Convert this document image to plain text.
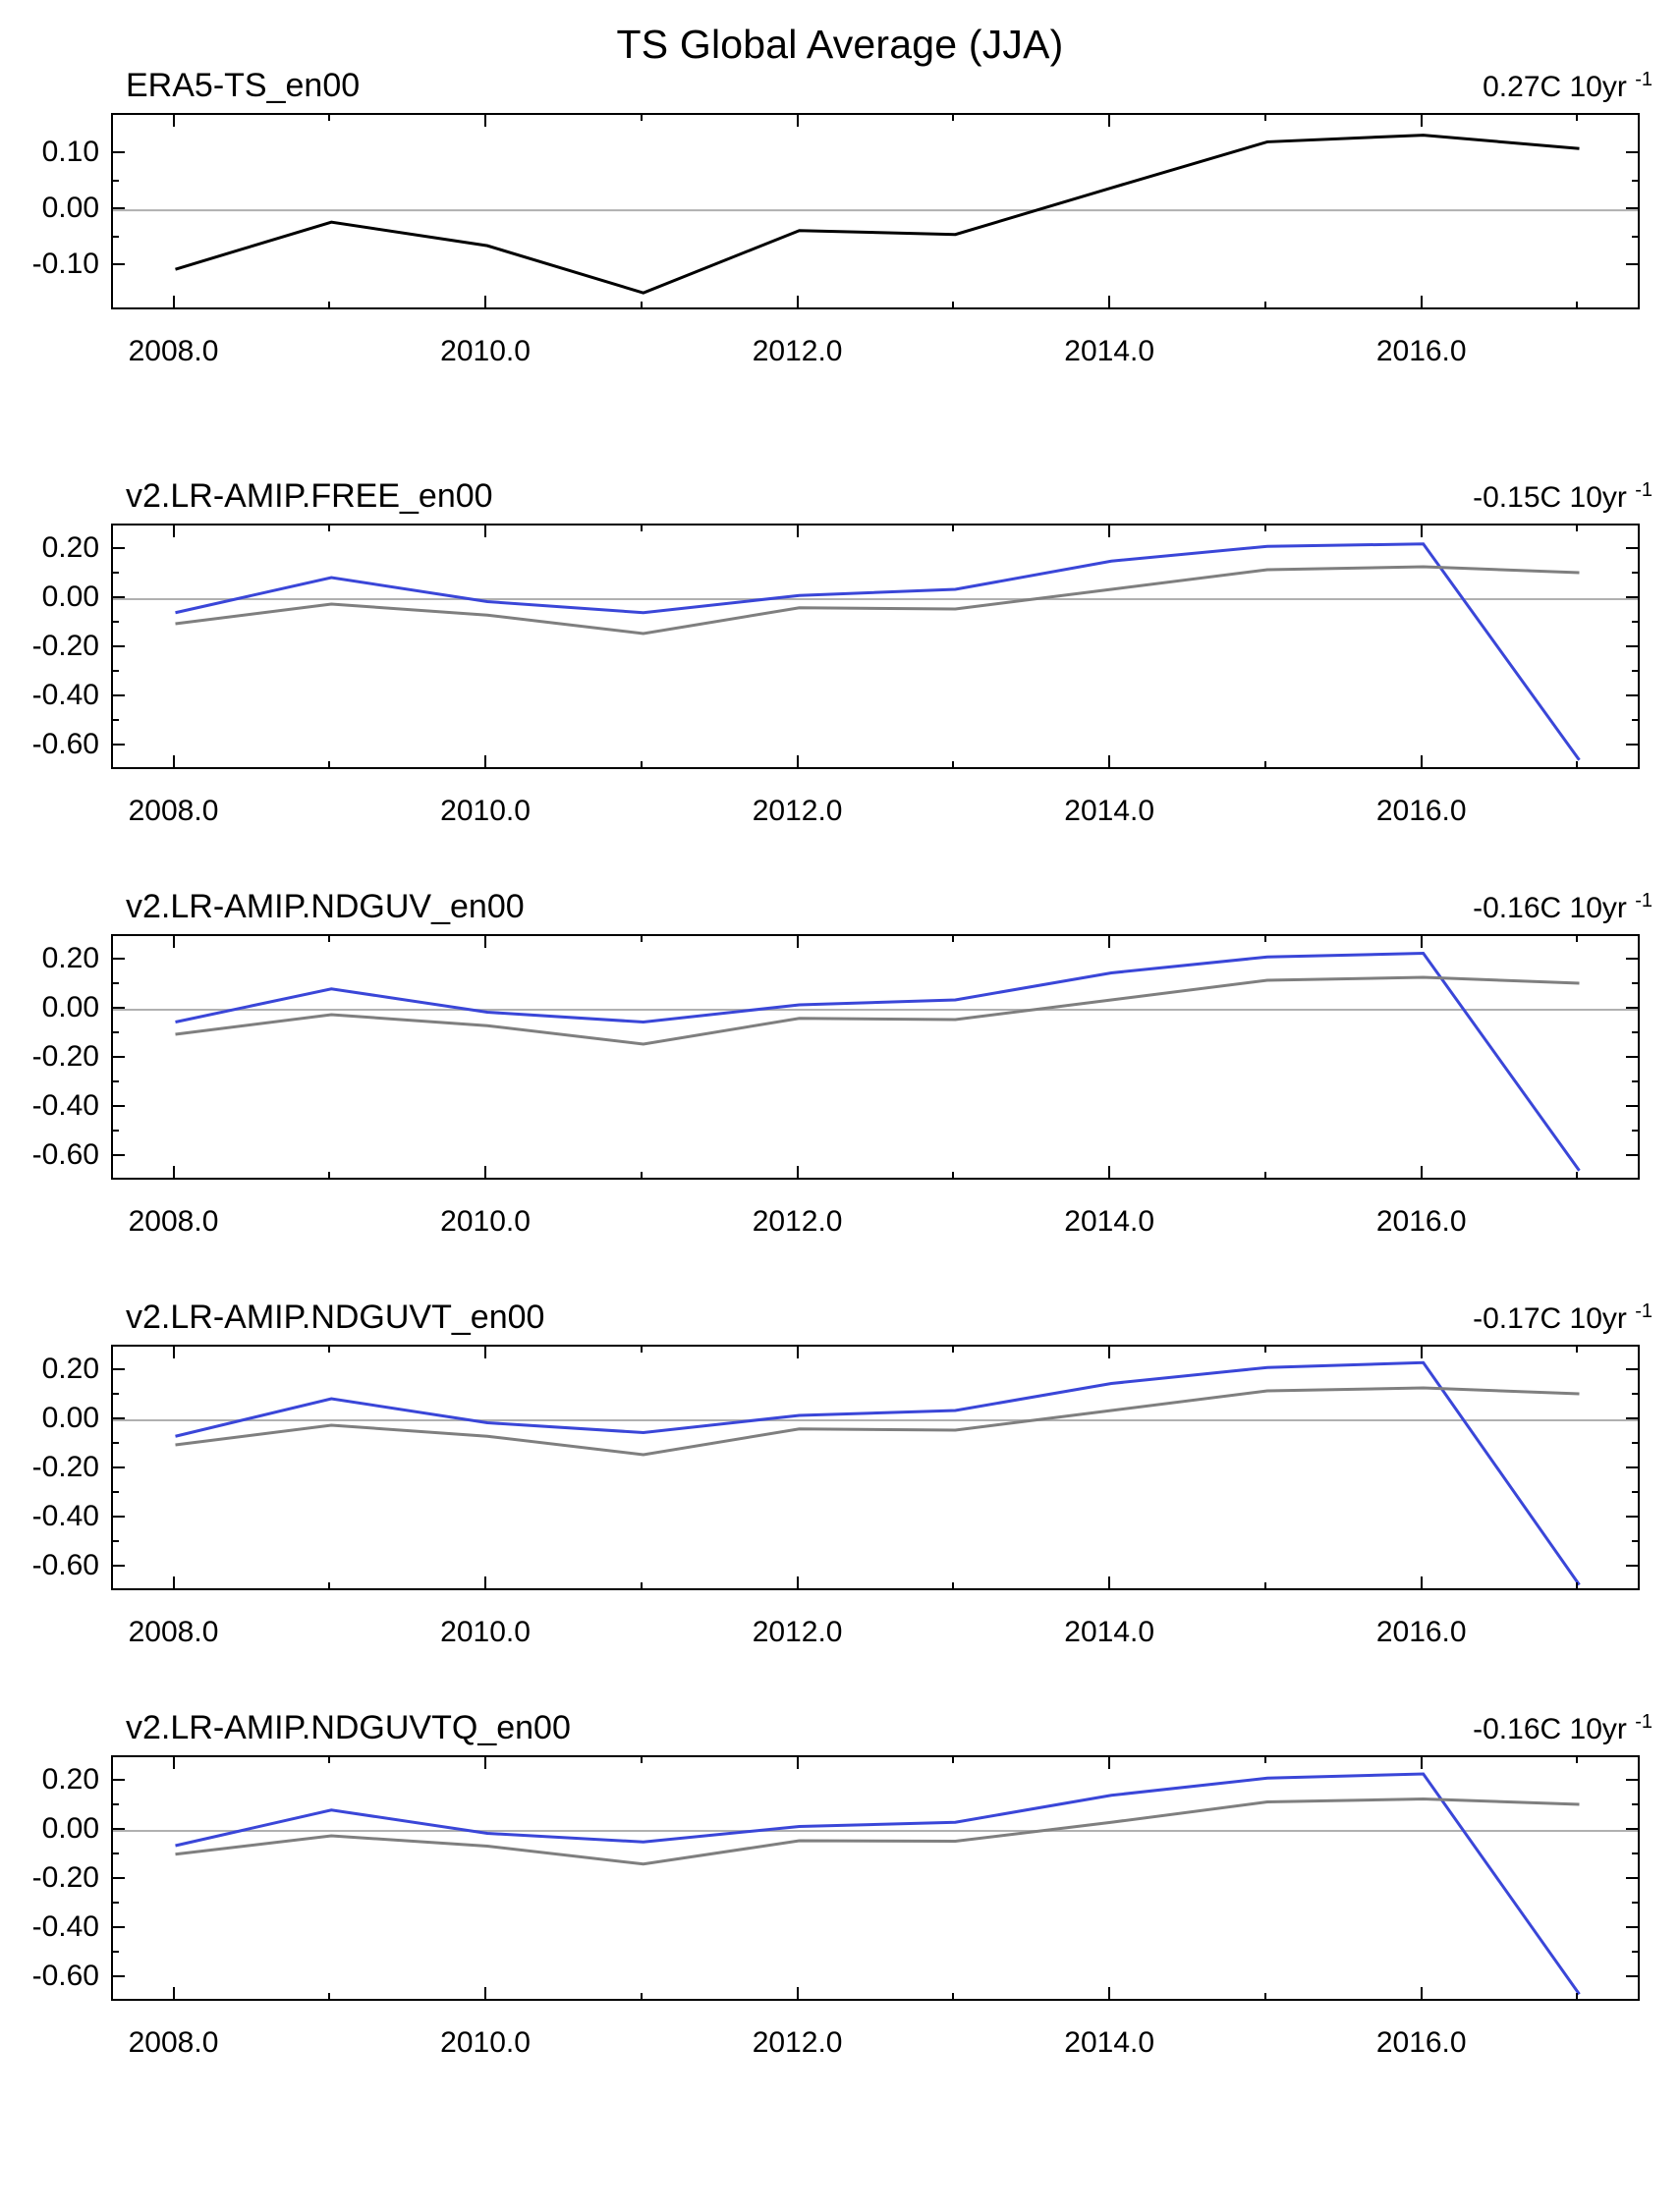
TS Global Average (JJA)
ERA5-TS_en00	0.27C 10yr $^{-1}$
-0.10
0.00
0.10
2008.0	2010.0	2012.0	2014.0	2016.0
v2.LR-AMIP.FREE_en00	-0.15C 10yr $^{-1}$
-0.60
-0.40
-0.20
0.00
0.20
2008.0	2010.0	2012.0	2014.0	2016.0
v2.LR-AMIP.NDGUV_en00	-0.16C 10yr $^{-1}$
-0.60
-0.40
-0.20
0.00
0.20
2008.0	2010.0	2012.0	2014.0	2016.0
v2.LR-AMIP.NDGUVT_en00	-0.17C 10yr $^{-1}$
-0.60
-0.40
-0.20
0.00
0.20
2008.0	2010.0	2012.0	2014.0	2016.0
v2.LR-AMIP.NDGUVTQ_en00	-0.16C 10yr $^{-1}$
-0.60
-0.40
-0.20
0.00
0.20
2008.0	2010.0	2012.0	2014.0	2016.0
